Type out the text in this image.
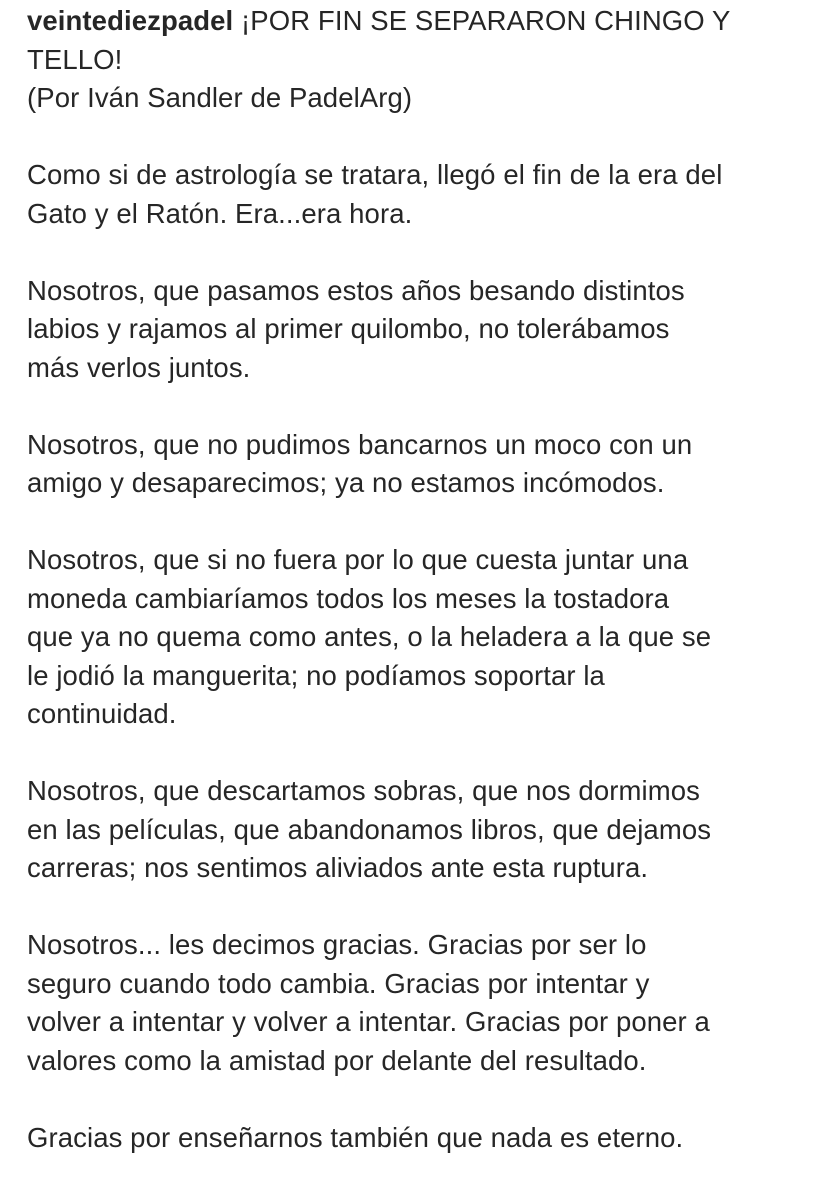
veintediezpadel ¡POR FIN SE SEPARARON CHINGO Y
TELLO!
(Por Iván Sandler de PadelArg)
Como si de astrología se tratara, llegó el fin de la era del
Gato y el Ratón. Era...era hora.
Nosotros, que pasamos estos años besando distintos
labios y rajamos al primer quilombo, no tolerábamos
más verlos juntos.
Nosotros, que no pudimos bancarnos un moco con un
amigo y desaparecimos; ya no estamos incómodos.
Nosotros, que si no fuera por lo que cuesta juntar una
moneda cambiaríamos todos los meses la tostadora
que ya no quema como antes, o la heladera a la que se
le jodió la manguerita; no podíamos soportar la
continuidad.
Nosotros, que descartamos sobras, que nos dormimos
en las películas, que abandonamos libros, que dejamos
carreras; nos sentimos aliviados ante esta ruptura.
Nosotros... les decimos gracias. Gracias por ser lo
seguro cuando todo cambia. Gracias por intentar y
volver a intentar y volver a intentar. Gracias por poner a
valores como la amistad por delante del resultado.
Gracias por enseñarnos también que nada es eterno.
